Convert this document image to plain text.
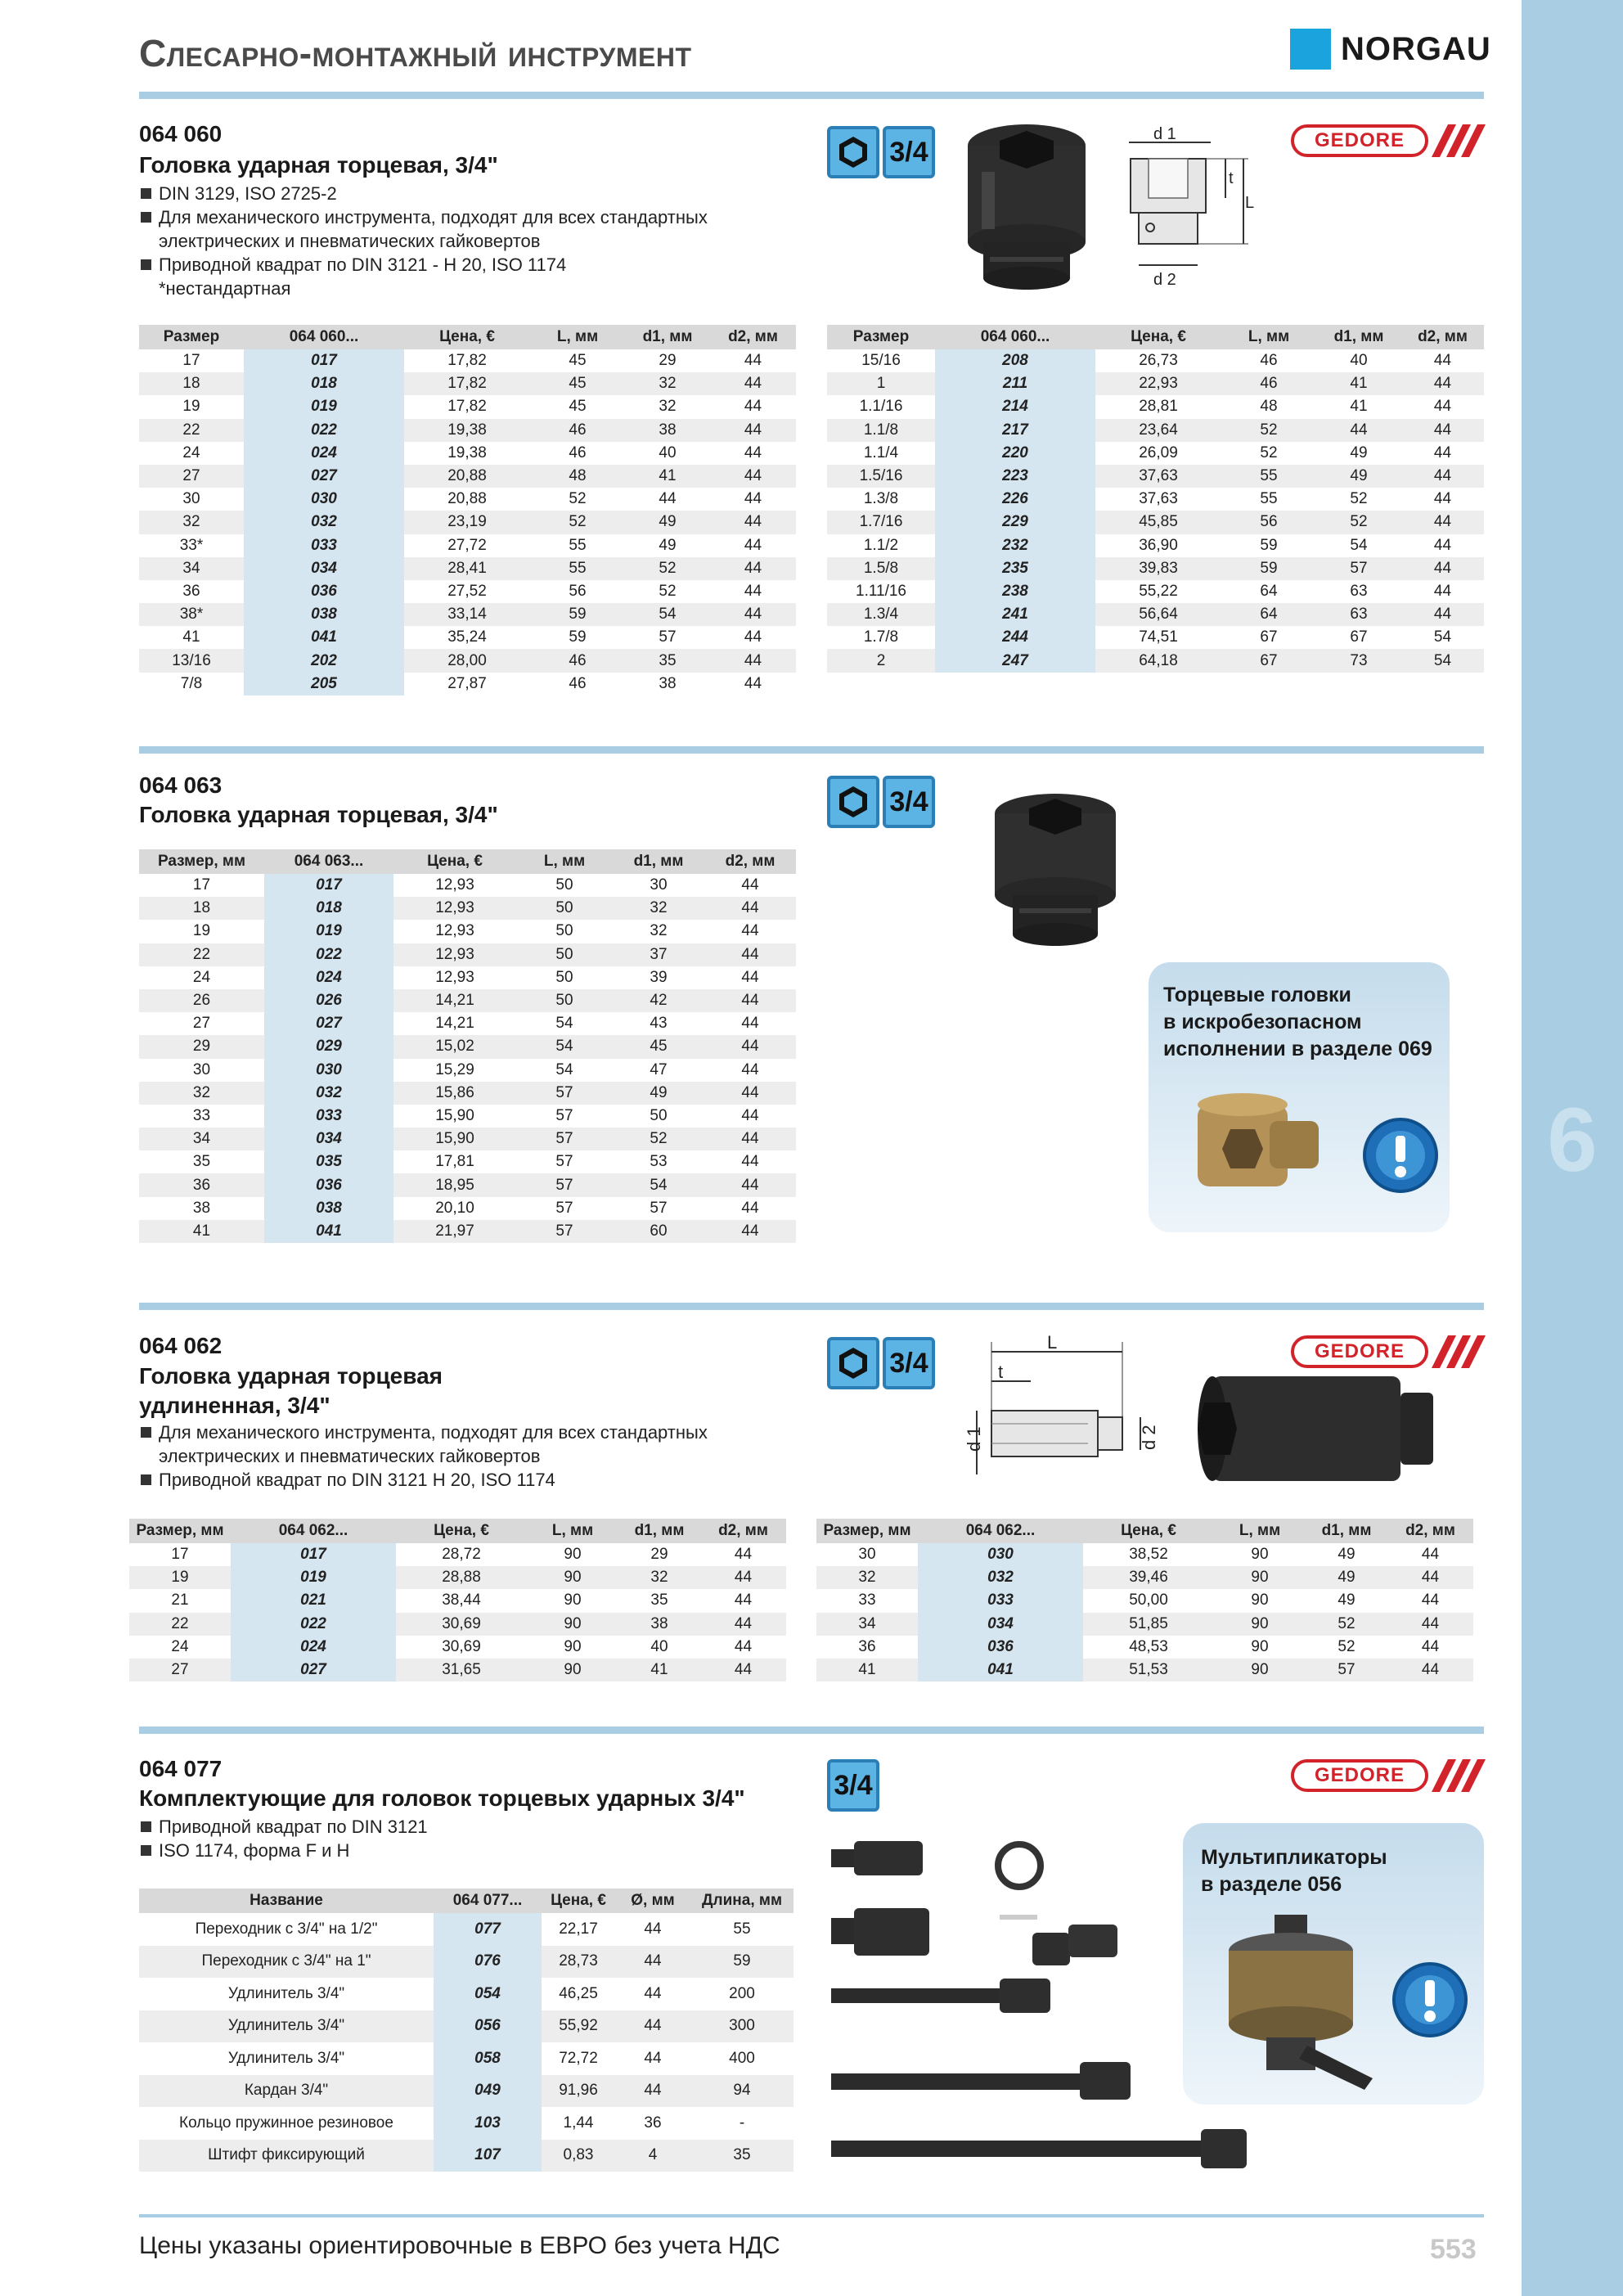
6
Слесарно-монтажный инструмент	NORGAU
064 060
Головка ударная торцевая, 3/4"
DIN 3129, ISO 2725-2
Для механического инструмента, подходят для всех стандартных
электрических и пневматических гайковертов
Приводной квадрат по DIN 3121 - H 20, ISO 1174
*нестандартная
3/4
d 1
d 2
t
L
GEDORE
Размер	064 060...	Цена, €	L, мм	d1, мм	d2, мм
17	017	17,82	45	29	44
18	018	17,82	45	32	44
19	019	17,82	45	32	44
22	022	19,38	46	38	44
24	024	19,38	46	40	44
27	027	20,88	48	41	44
30	030	20,88	52	44	44
32	032	23,19	52	49	44
33*	033	27,72	55	49	44
34	034	28,41	55	52	44
36	036	27,52	56	52	44
38*	038	33,14	59	54	44
41	041	35,24	59	57	44
13/16	202	28,00	46	35	44
7/8	205	27,87	46	38	44
Размер	064 060...	Цена, €	L, мм	d1, мм	d2, мм
15/16	208	26,73	46	40	44
1	211	22,93	46	41	44
1.1/16	214	28,81	48	41	44
1.1/8	217	23,64	52	44	44
1.1/4	220	26,09	52	49	44
1.5/16	223	37,63	55	49	44
1.3/8	226	37,63	55	52	44
1.7/16	229	45,85	56	52	44
1.1/2	232	36,90	59	54	44
1.5/8	235	39,83	59	57	44
1.11/16	238	55,22	64	63	44
1.3/4	241	56,64	64	63	44
1.7/8	244	74,51	67	67	54
2	247	64,18	67	73	54
064 063
Головка ударная торцевая, 3/4"	3/4
Размер, мм	064 063...	Цена, €	L, мм	d1, мм	d2, мм
17	017	12,93	50	30	44
18	018	12,93	50	32	44
19	019	12,93	50	32	44
22	022	12,93	50	37	44
24	024	12,93	50	39	44
26	026	14,21	50	42	44
27	027	14,21	54	43	44
29	029	15,02	54	45	44
30	030	15,29	54	47	44
32	032	15,86	57	49	44
33	033	15,90	57	50	44
34	034	15,90	57	52	44
35	035	17,81	57	53	44
36	036	18,95	57	54	44
38	038	20,10	57	57	44
41	041	21,97	57	60	44
Торцевые головки
в искробезопасном
исполнении в разделе 069
064 062
Головка ударная торцевая
удлиненная, 3/4"
Для механического инструмента, подходят для всех стандартных
электрических и пневматических гайковертов
Приводной квадрат по DIN 3121 H 20, ISO 1174
3/4
L
t
d 1	d 2
GEDORE
Размер, мм	064 062...	Цена, €	L, мм	d1, мм	d2, мм
17	017	28,72	90	29	44
19	019	28,88	90	32	44
21	021	38,44	90	35	44
22	022	30,69	90	38	44
24	024	30,69	90	40	44
27	027	31,65	90	41	44
Размер, мм	064 062...	Цена, €	L, мм	d1, мм	d2, мм
30	030	38,52	90	49	44
32	032	39,46	90	49	44
33	033	50,00	90	49	44
34	034	51,85	90	52	44
36	036	48,53	90	52	44
41	041	51,53	90	57	44
064 077
Комплектующие для головок торцевых ударных 3/4"
Приводной квадрат по DIN 3121
ISO 1174, форма F и H
3/4	GEDORE
Название	064 077...	Цена, €	Ø, мм	Длина, мм
Переходник с 3/4" на 1/2"	077	22,17	44	55
Переходник с 3/4" на 1"	076	28,73	44	59
Удлинитель 3/4"	054	46,25	44	200
Удлинитель 3/4"	056	55,92	44	300
Удлинитель 3/4"	058	72,72	44	400
Кардан 3/4"	049	91,96	44	94
Кольцо пружинное резиновое	103	1,44	36	-
Штифт фиксирующий	107	0,83	4	35
Мультипликаторы
в разделе 056
Цены указаны ориентировочные в ЕВРО без учета НДС	553
